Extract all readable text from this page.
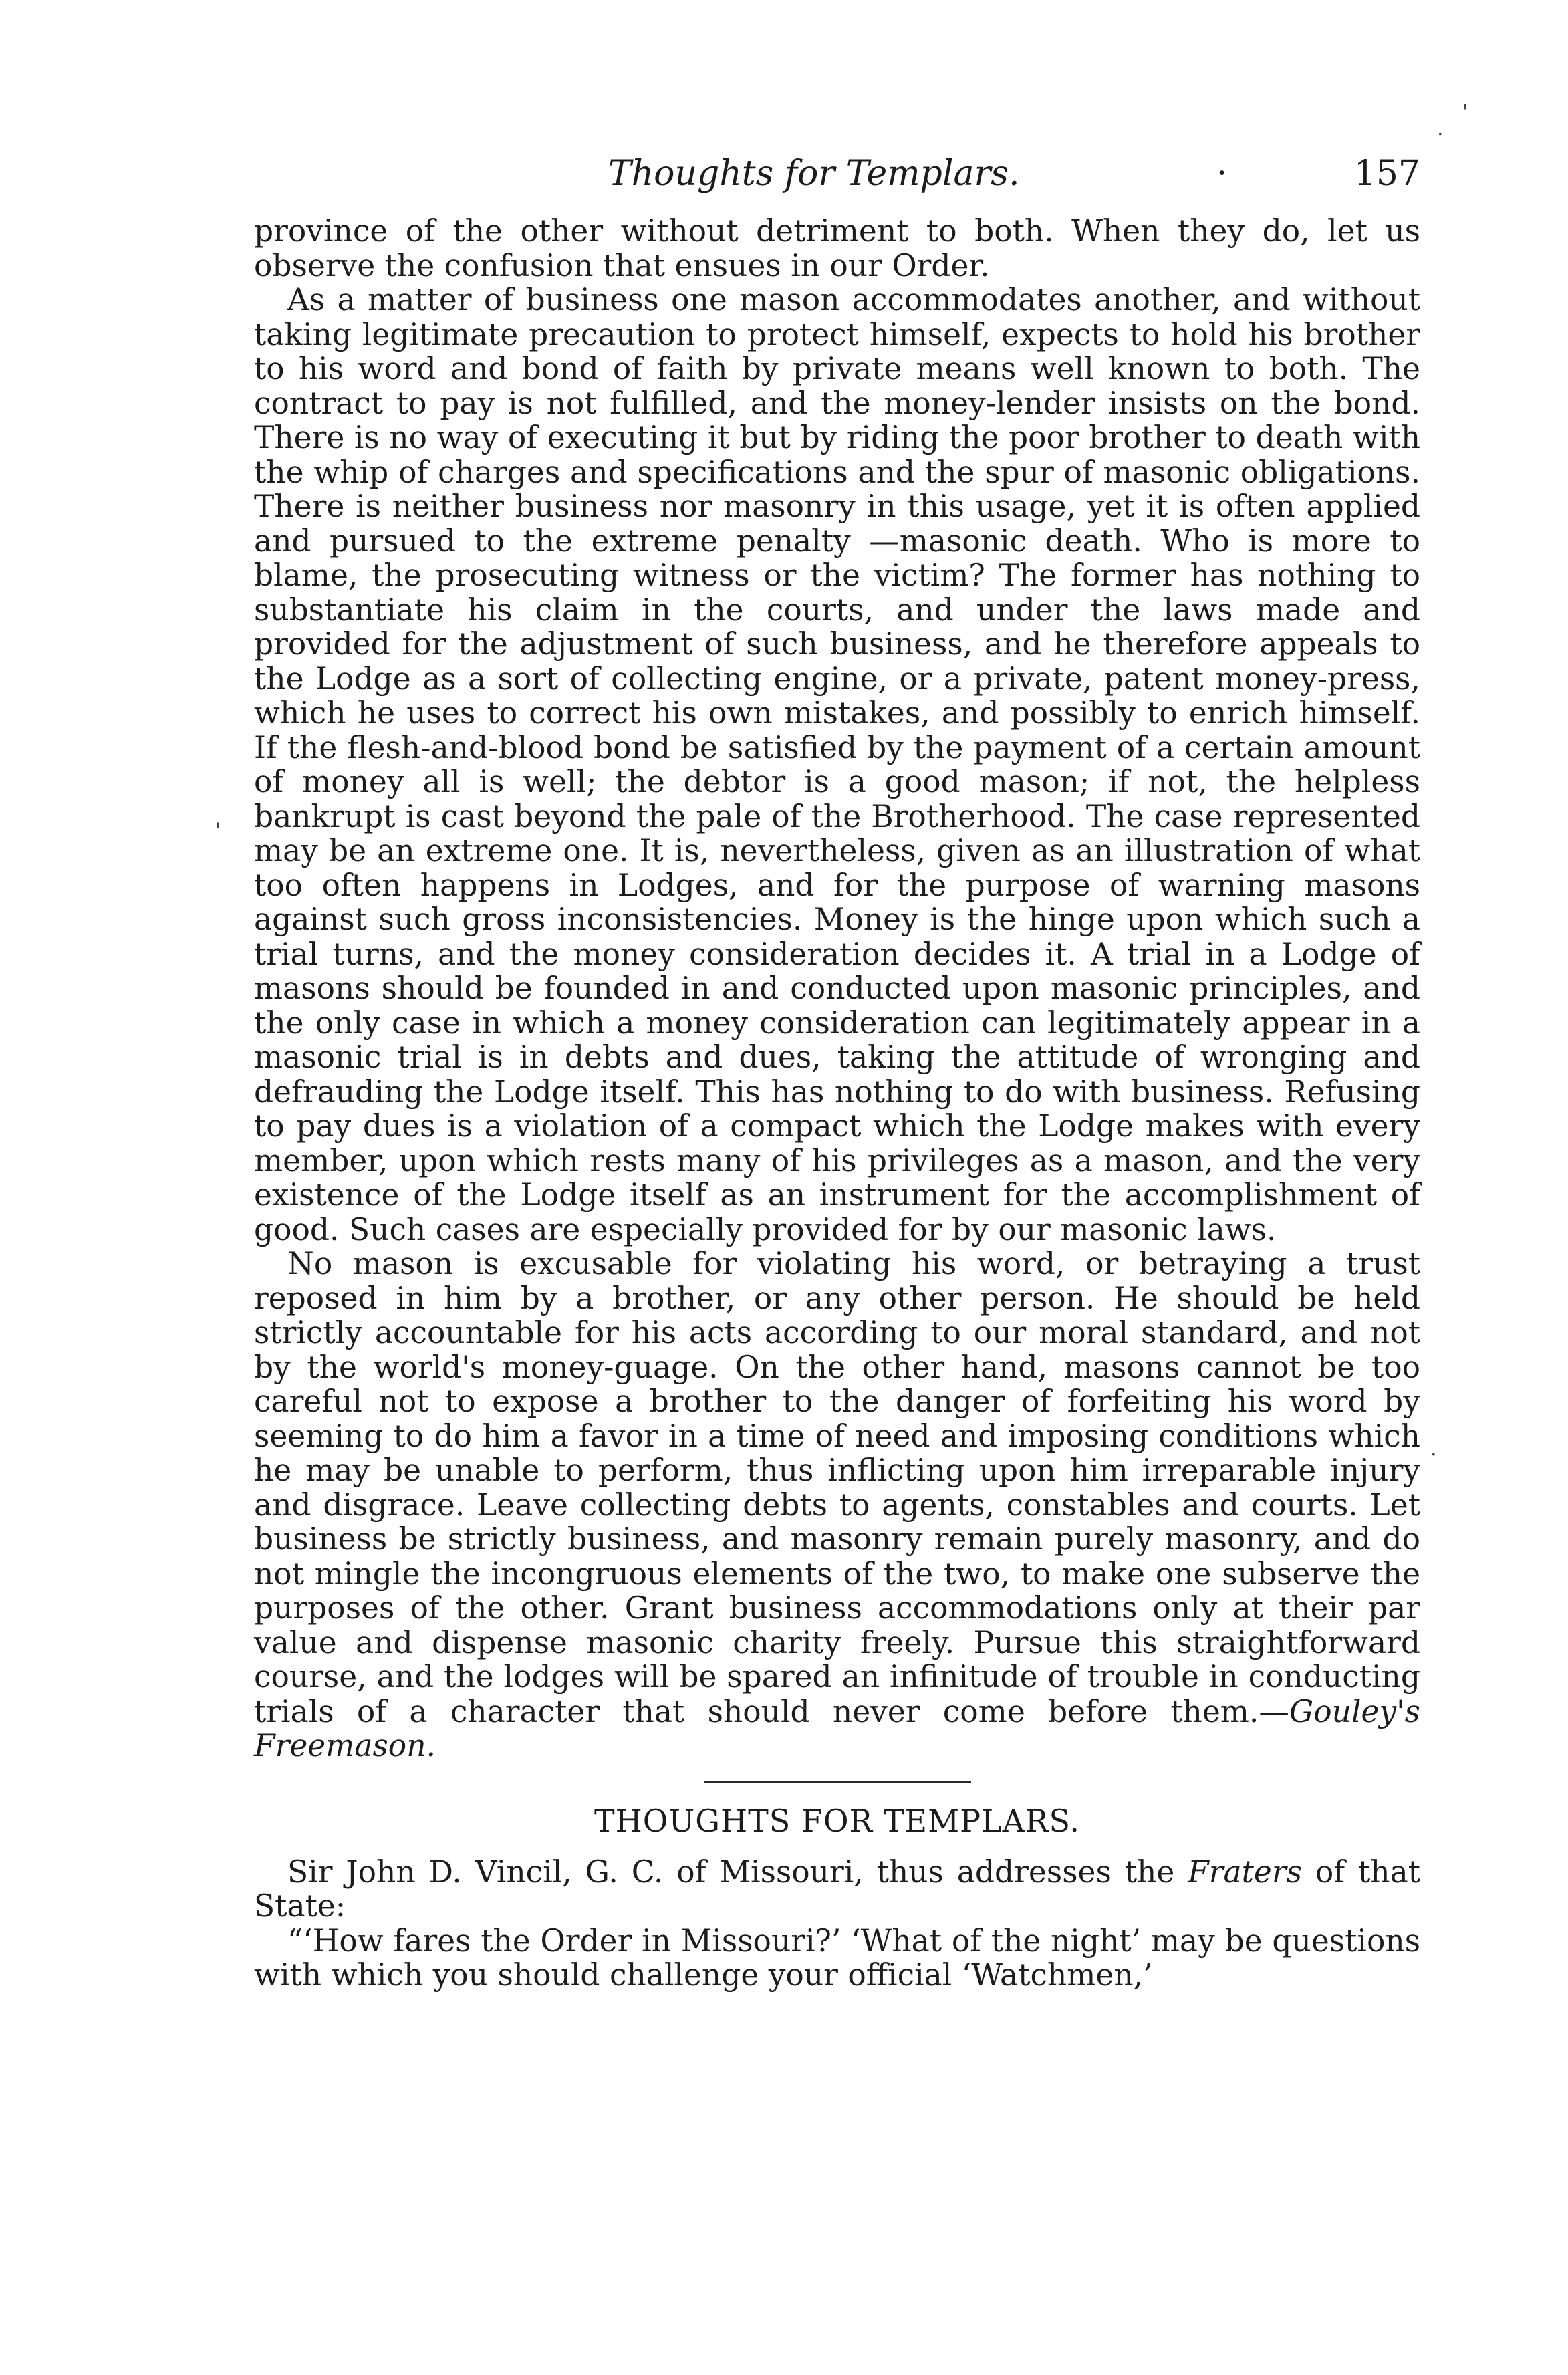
.
'
'
.
Thoughts for Templars.	·	157

province of the other without detriment to both. When they do, let us observe the confusion that ensues in our Order.

As a matter of business one mason accommodates another, and without taking legitimate precaution to protect himself, expects to hold his brother to his word and bond of faith by private means well known to both. The contract to pay is not fulfilled, and the money-lender insists on the bond. There is no way of executing it but by riding the poor brother to death with the whip of charges and specifications and the spur of masonic obligations. There is neither business nor masonry in this usage, yet it is often applied and pursued to the extreme penalty —masonic death. Who is more to blame, the prosecuting witness or the victim? The former has nothing to substantiate his claim in the courts, and under the laws made and provided for the adjustment of such business, and he therefore appeals to the Lodge as a sort of collecting engine, or a private, patent money-press, which he uses to correct his own mistakes, and possibly to enrich himself. If the flesh-and-blood bond be satisfied by the payment of a certain amount of money all is well; the debtor is a good mason; if not, the helpless bankrupt is cast beyond the pale of the Brotherhood. The case represented may be an extreme one. It is, nevertheless, given as an illustration of what too often happens in Lodges, and for the purpose of warning masons against such gross inconsistencies. Money is the hinge upon which such a trial turns, and the money consideration decides it. A trial in a Lodge of masons should be founded in and conducted upon masonic principles, and the only case in which a money consideration can legitimately appear in a masonic trial is in debts and dues, taking the attitude of wronging and defrauding the Lodge itself. This has nothing to do with business. Refusing to pay dues is a violation of a compact which the Lodge makes with every member, upon which rests many of his privileges as a mason, and the very existence of the Lodge itself as an instrument for the accomplishment of good. Such cases are especially provided for by our masonic laws.

No mason is excusable for violating his word, or betraying a trust reposed in him by a brother, or any other person. He should be held strictly accountable for his acts according to our moral standard, and not by the world's money-guage. On the other hand, masons cannot be too careful not to expose a brother to the danger of forfeiting his word by seeming to do him a favor in a time of need and imposing conditions which he may be unable to perform, thus inflicting upon him irreparable injury and disgrace. Leave collecting debts to agents, constables and courts. Let business be strictly business, and masonry remain purely masonry, and do not mingle the incongruous elements of the two, to make one subserve the purposes of the other. Grant business accommodations only at their par value and dispense masonic charity freely. Pursue this straightforward course, and the lodges will be spared an infinitude of trouble in conducting trials of a character that should never come before them.—Gouley's Freemason.

THOUGHTS FOR TEMPLARS.

Sir John D. Vincil, G. C. of Missouri, thus addresses the Fraters of that State:

“‘How fares the Order in Missouri?’ ‘What of the night’ may be questions with which you should challenge your official ‘Watchmen,’
